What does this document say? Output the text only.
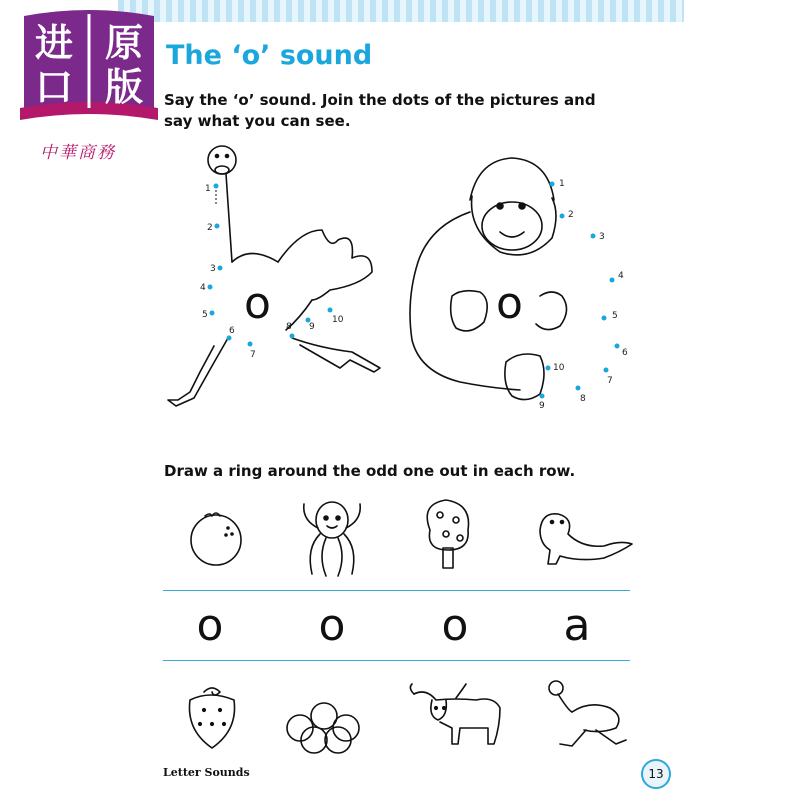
进 原
口 版
中華商務
The ‘o’ sound
Say the ‘o’ sound. Join the dots of the pictures and say what you can see.
1
2
3
4
5
6
7
8 9
10
1
2
3
4
5
6
7
8
9
10
o	o
Draw a ring around the odd one out in each row.
o	o	o	a
Letter Sounds	13
